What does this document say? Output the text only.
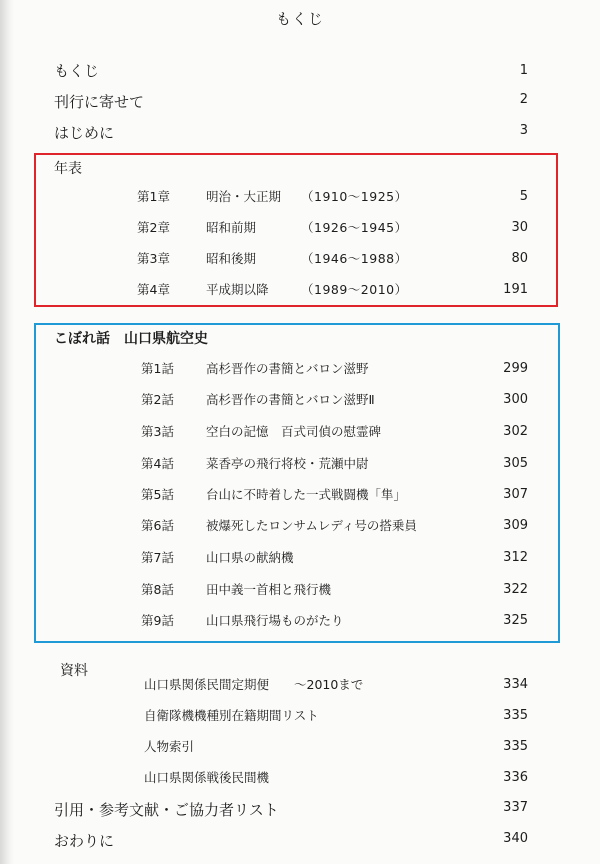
もくじ
もくじ	1
刊行に寄せて	2
はじめに	3
年表
第1章	明治・大正期 （1910～1925）	5
第2章	昭和前期	（1926～1945）	30
第3章	昭和後期	（1946～1988）	80
第4章	平成期以降	（1989～2010）	191
こぼれ話　山口県航空史
第1話	高杉晋作の書簡とバロン滋野	299
第2話	高杉晋作の書簡とバロン滋野Ⅱ	300
第3話	空白の記憶　百式司偵の慰霊碑	302
第4話	菜香亭の飛行将校・荒瀬中尉	305
第5話	台山に不時着した一式戦闘機「隼」	307
第6話	被爆死したロンサムレディ号の搭乗員	309
第7話	山口県の献納機	312
第8話	田中義一首相と飛行機	322
第9話	山口県飛行場ものがたり	325
資料
山口県関係民間定期便　　～2010まで	334
自衛隊機機種別在籍期間リスト	335
人物索引	335
山口県関係戦後民間機	336
引用・参考文献・ご協力者リスト	337
おわりに	340
